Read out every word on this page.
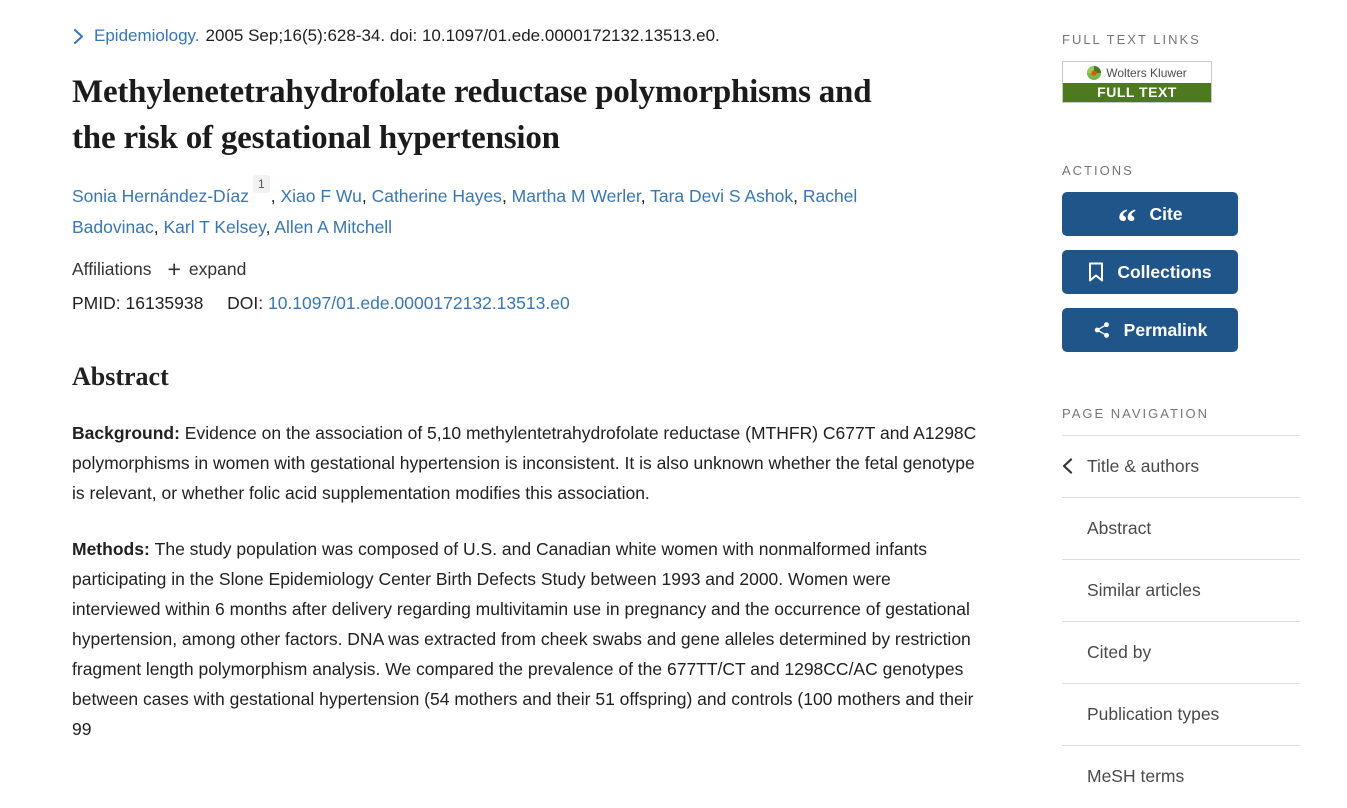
Epidemiology. 2005 Sep;16(5):628-34. doi: 10.1097/01.ede.0000172132.13513.e0.
Methylenetetrahydrofolate reductase polymorphisms and the risk of gestational hypertension
Sonia Hernández-Díaz$^1$, Xiao F Wu, Catherine Hayes, Martha M Werler, Tara Devi S Ashok, Rachel Badovinac, Karl T Kelsey, Allen A Mitchell
Affiliations + expand
PMID: 16135938 DOI: 10.1097/01.ede.0000172132.13513.e0
Abstract

Background: Evidence on the association of 5,10 methylentetrahydrofolate reductase (MTHFR) C677T and A1298C polymorphisms in women with gestational hypertension is inconsistent. It is also unknown whether the fetal genotype is relevant, or whether folic acid supplementation modifies this association.

Methods: The study population was composed of U.S. and Canadian white women with nonmalformed infants participating in the Slone Epidemiology Center Birth Defects Study between 1993 and 2000. Women were interviewed within 6 months after delivery regarding multivitamin use in pregnancy and the occurrence of gestational hypertension, among other factors. DNA was extracted from cheek swabs and gene alleles determined by restriction fragment length polymorphism analysis. We compared the prevalence of the 677TT/CT and 1298CC/AC genotypes between cases with gestational hypertension (54 mothers and their 51 offspring) and controls (100 mothers and their 99

FULL TEXT LINKS
Wolters Kluwer
FULL TEXT
ACTIONS
“ Cite
Collections
Permalink
PAGE NAVIGATION
Title & authors
Abstract
Similar articles
Cited by
Publication types
MeSH terms
